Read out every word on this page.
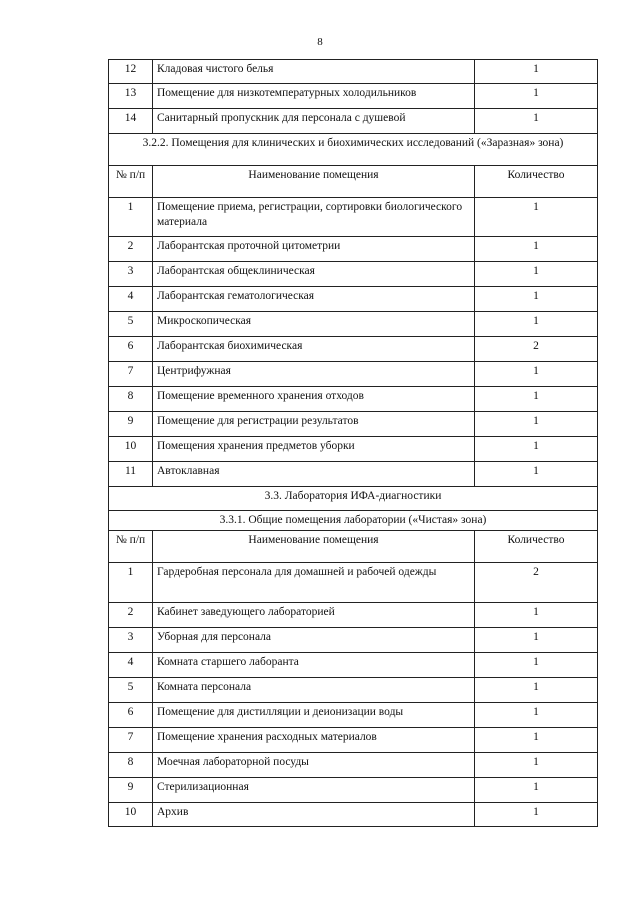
8
12	Кладовая чистого белья	1
13	Помещение для низкотемпературных холодильников	1
14	Санитарный пропускник для персонала с душевой	1
3.2.2. Помещения для клинических и биохимических исследований («Заразная» зона)		
№ п/п	Наименование помещения	Количество
1	Помещение приема, регистрации, сортировки биологического материала	1
2	Лаборантская проточной цитометрии	1
3	Лаборантская общеклиническая	1
4	Лаборантская гематологическая	1
5	Микроскопическая	1
6	Лаборантская биохимическая	2
7	Центрифужная	1
8	Помещение временного хранения отходов	1
9	Помещение для регистрации результатов	1
10	Помещения хранения предметов уборки	1
11	Автоклавная	1
3.3. Лаборатория ИФА-диагностики		
3.3.1. Общие помещения лаборатории («Чистая» зона)		
№ п/п	Наименование помещения	Количество
1	Гардеробная персонала для домашней и рабочей одежды	2
2	Кабинет заведующего лабораторией	1
3	Уборная для персонала	1
4	Комната старшего лаборанта	1
5	Комната персонала	1
6	Помещение для дистилляции и деионизации воды	1
7	Помещение хранения расходных материалов	1
8	Моечная лабораторной посуды	1
9	Стерилизационная	1
10	Архив	1
